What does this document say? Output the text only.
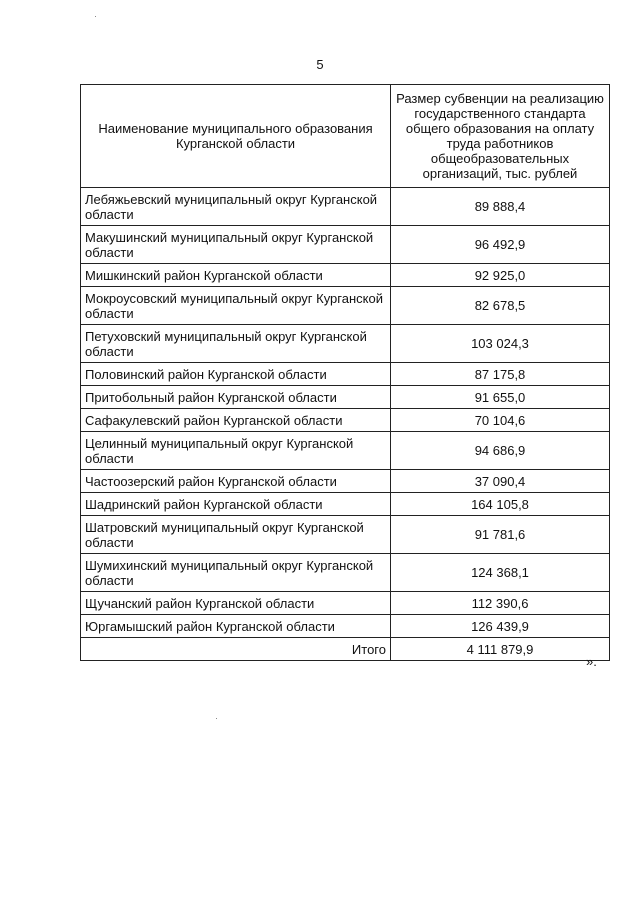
5
Наименование муниципального образования Курганской области	Размер субвенции на реализацию государственного стандарта общего образования на оплату труда работников общеобразовательных организаций, тыс. рублей
Лебяжьевский муниципальный округ Курганской области	89 888,4
Макушинский муниципальный округ Курганской области	96 492,9
Мишкинский район Курганской области	92 925,0
Мокроусовский муниципальный округ Курганской области	82 678,5
Петуховский муниципальный округ Курганской области	103 024,3
Половинский район Курганской области	87 175,8
Притобольный район Курганской области	91 655,0
Сафакулевский район Курганской области	70 104,6
Целинный муниципальный округ Курганской области	94 686,9
Частоозерский район Курганской области	37 090,4
Шадринский район Курганской области	164 105,8
Шатровский муниципальный округ Курганской области	91 781,6
Шумихинский муниципальный округ Курганской области	124 368,1
Щучанский район Курганской области	112 390,6
Юргамышский район Курганской области	126 439,9
Итого	4 111 879,9
».
